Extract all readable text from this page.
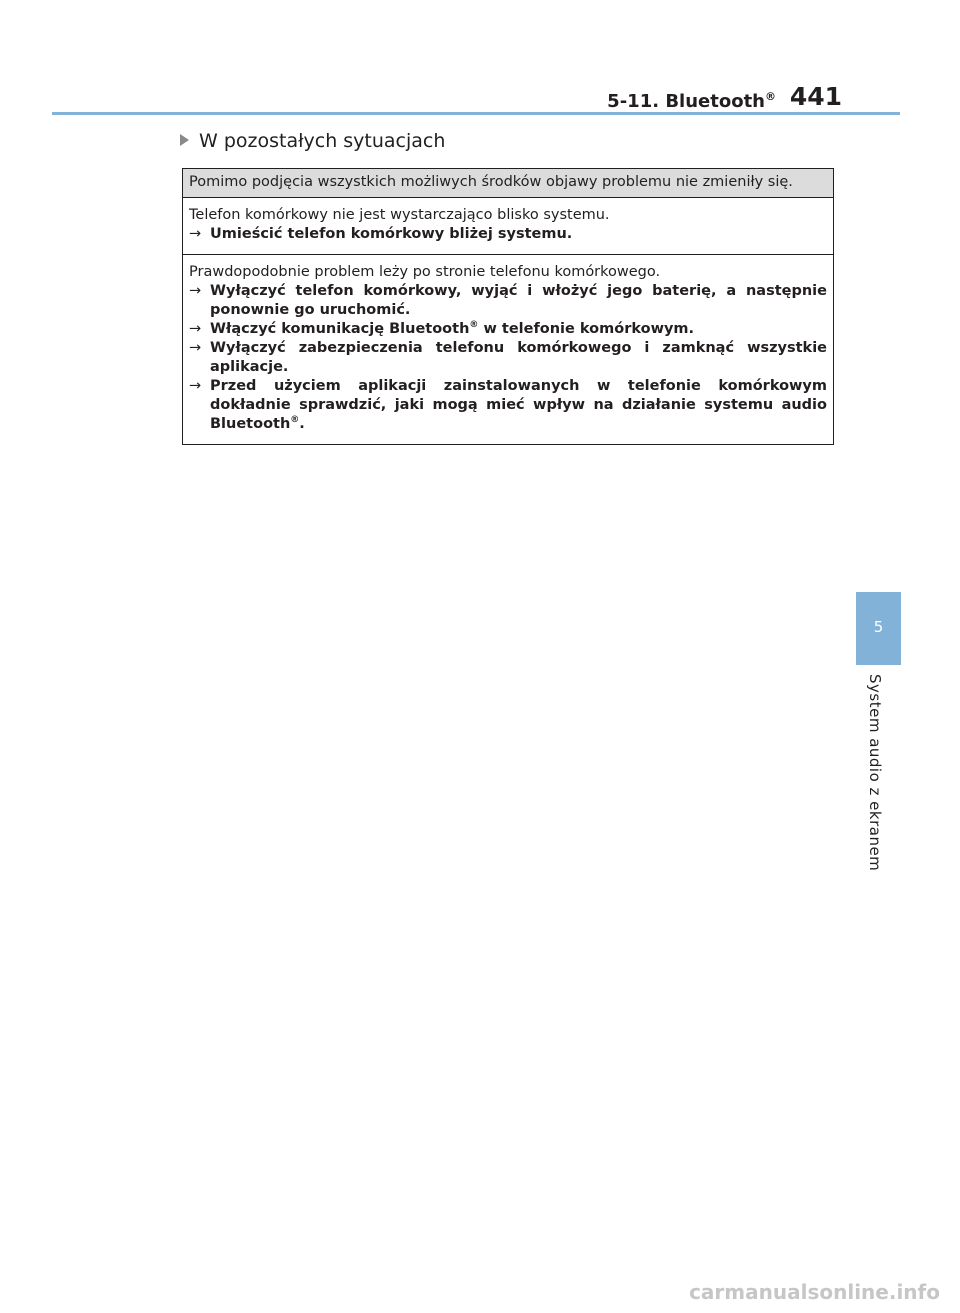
5-11. Bluetooth® 441
W pozostałych sytuacjach
Pomimo podjęcia wszystkich możliwych środków objawy problemu nie zmieniły się.
Telefon komórkowy nie jest wystarczająco blisko systemu.
→ Umieścić telefon komórkowy bliżej systemu.
Prawdopodobnie problem leży po stronie telefonu komórkowego.
→ Wyłączyć telefon komórkowy, wyjąć i włożyć jego baterię, a następnie ponownie go uruchomić.
→ Włączyć komunikację Bluetooth® w telefonie komórkowym.
→ Wyłączyć zabezpieczenia telefonu komórkowego i zamknąć wszystkie aplikacje.
→ Przed użyciem aplikacji zainstalowanych w telefonie komórkowym dokładnie sprawdzić, jaki mogą mieć wpływ na działanie systemu audio Bluetooth®.
5
System audio z ekranem
carmanualsonline.info
